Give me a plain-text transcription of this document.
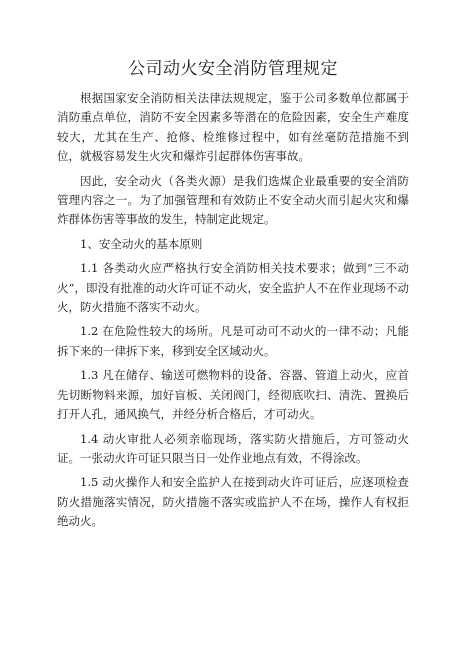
公司动火安全消防管理规定

根据国家安全消防相关法律法规规定，鉴于公司多数单位都属于消防重点单位，消防不安全因素多等潜在的危险因素，安全生产难度较大，尤其在生产、抢修、检维修过程中，如有丝毫防范措施不到位，就极容易发生火灾和爆炸引起群体伤害事故。

因此，安全动火（各类火源）是我们选煤企业最重要的安全消防管理内容之一。为了加强管理和有效防止不安全动火而引起火灾和爆炸群体伤害等事故的发生，特制定此规定。

1、安全动火的基本原则

1.1 各类动火应严格执行安全消防相关技术要求；做到“三不动火”，即没有批准的动火许可证不动火，安全监护人不在作业现场不动火，防火措施不落实不动火。

1.2 在危险性较大的场所。凡是可动可不动火的一律不动；凡能拆下来的一律拆下来，移到安全区域动火。

1.3 凡在储存、输送可燃物料的设备、容器、管道上动火，应首先切断物料来源，加好盲板、关闭阀门，经彻底吹扫、清洗、置换后打开人孔，通风换气，并经分析合格后，才可动火。

1.4 动火审批人必须亲临现场，落实防火措施后，方可签动火证。一张动火许可证只限当日一处作业地点有效，不得涂改。

1.5 动火操作人和安全监护人在接到动火许可证后，应逐项检查防火措施落实情况，防火措施不落实或监护人不在场，操作人有权拒绝动火。
